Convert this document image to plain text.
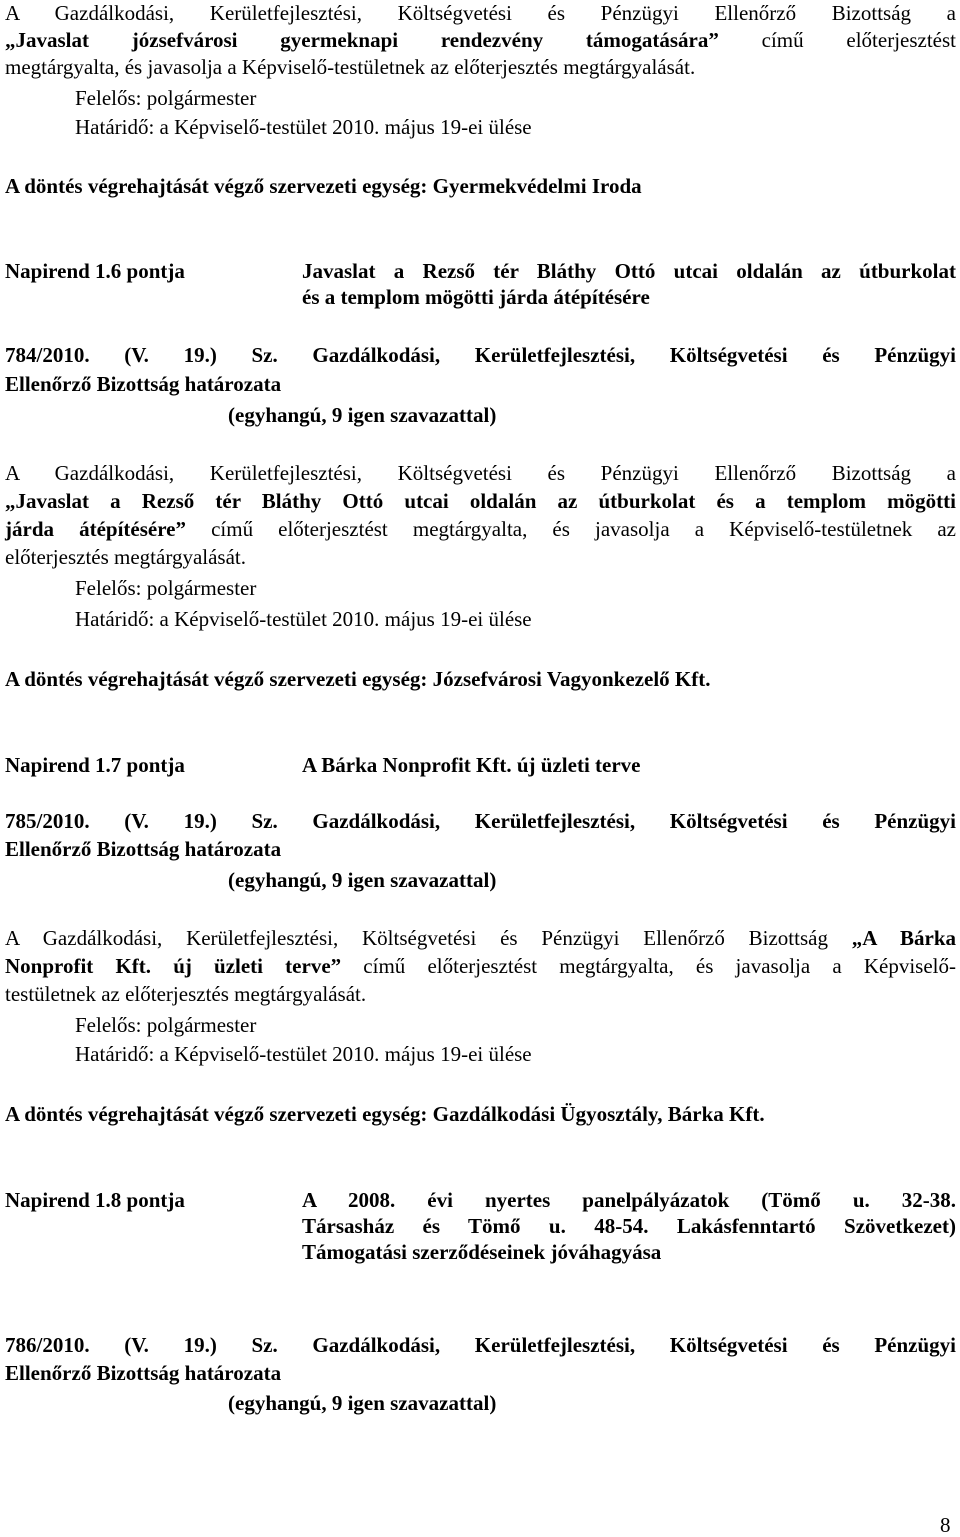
A Gazdálkodási, Kerületfejlesztési, Költségvetési és Pénzügyi Ellenőrző Bizottság a
„Javaslat józsefvárosi gyermeknapi rendezvény támogatására” című előterjesztést
megtárgyalta, és javasolja a Képviselő-testületnek az előterjesztés megtárgyalását.
Felelős: polgármester
Határidő: a Képviselő-testület 2010. május 19-ei ülése
A döntés végrehajtását végző szervezeti egység: Gyermekvédelmi Iroda
Napirend 1.6 pontja	Javaslat a Rezső tér Bláthy Ottó utcai oldalán az útburkolat
és a templom mögötti járda átépítésére
784/2010. (V. 19.) Sz. Gazdálkodási, Kerületfejlesztési, Költségvetési és Pénzügyi
Ellenőrző Bizottság határozata
(egyhangú, 9 igen szavazattal)
A Gazdálkodási, Kerületfejlesztési, Költségvetési és Pénzügyi Ellenőrző Bizottság a
„Javaslat a Rezső tér Bláthy Ottó utcai oldalán az útburkolat és a templom mögötti
járda átépítésére” című előterjesztést megtárgyalta, és javasolja a Képviselő-testületnek az
előterjesztés megtárgyalását.
Felelős: polgármester
Határidő: a Képviselő-testület 2010. május 19-ei ülése
A döntés végrehajtását végző szervezeti egység: Józsefvárosi Vagyonkezelő Kft.
Napirend 1.7 pontja	A Bárka Nonprofit Kft. új üzleti terve
785/2010. (V. 19.) Sz. Gazdálkodási, Kerületfejlesztési, Költségvetési és Pénzügyi
Ellenőrző Bizottság határozata
(egyhangú, 9 igen szavazattal)
A Gazdálkodási, Kerületfejlesztési, Költségvetési és Pénzügyi Ellenőrző Bizottság „A Bárka
Nonprofit Kft. új üzleti terve” című előterjesztést megtárgyalta, és javasolja a Képviselő-
testületnek az előterjesztés megtárgyalását.
Felelős: polgármester
Határidő: a Képviselő-testület 2010. május 19-ei ülése
A döntés végrehajtását végző szervezeti egység: Gazdálkodási Ügyosztály, Bárka Kft.
Napirend 1.8 pontja	A 2008. évi nyertes panelpályázatok (Tömő u. 32-38.
Társasház és Tömő u. 48-54. Lakásfenntartó Szövetkezet)
Támogatási szerződéseinek jóváhagyása
786/2010. (V. 19.) Sz. Gazdálkodási, Kerületfejlesztési, Költségvetési és Pénzügyi
Ellenőrző Bizottság határozata
(egyhangú, 9 igen szavazattal)
8
